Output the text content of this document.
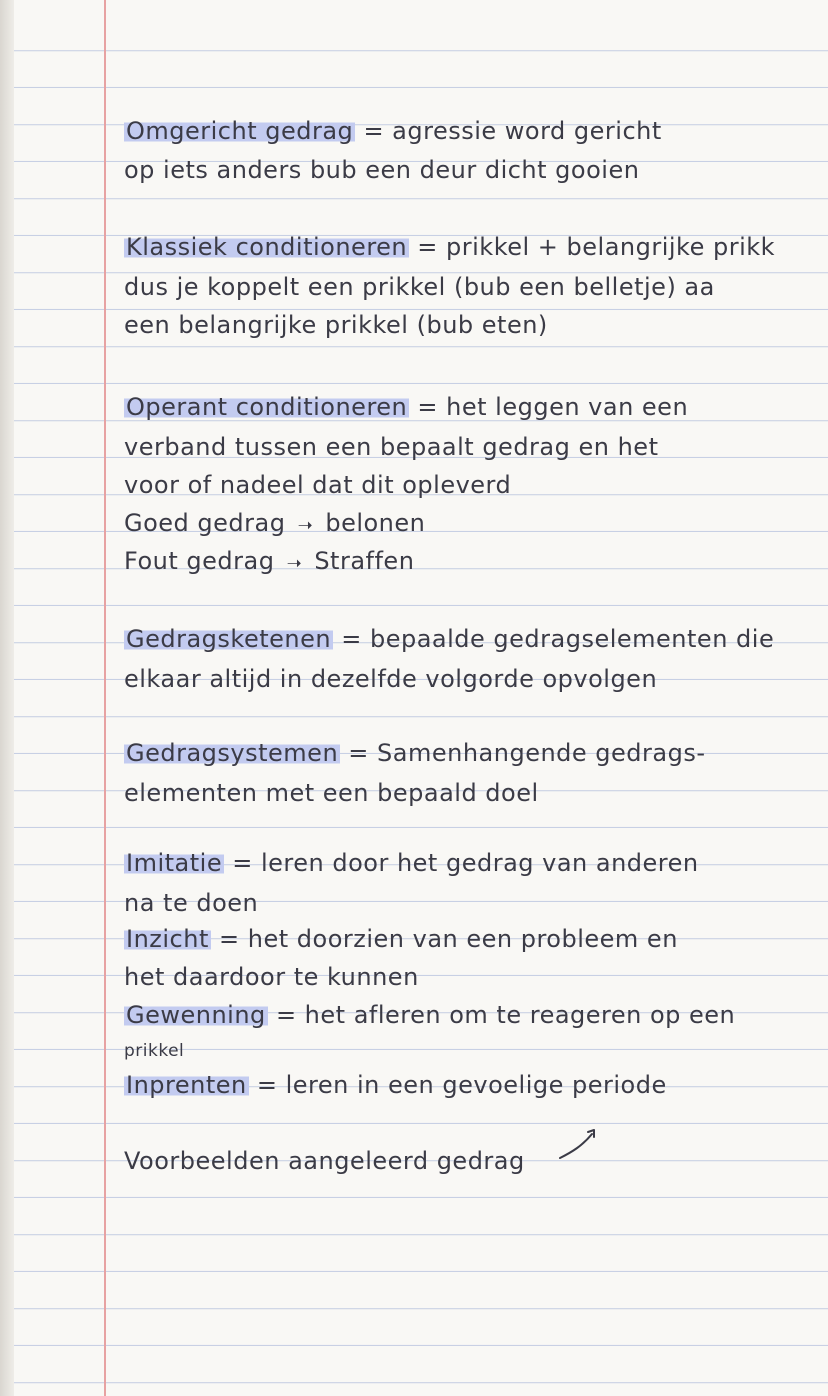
Omgericht gedrag = agressie word gericht
op iets anders bub een deur dicht gooien
Klassiek conditioneren = prikkel + belangrijke prikk
dus je koppelt een prikkel (bub een belletje) aa
een belangrijke prikkel (bub eten)
Operant conditioneren = het leggen van een
verband tussen een bepaalt gedrag en het
voor of nadeel dat dit opleverd
Goed gedrag ➝ belonen
Fout gedrag ➝ Straffen
Gedragsketenen = bepaalde gedragselementen die
elkaar altijd in dezelfde volgorde opvolgen
Gedragsystemen = Samenhangende gedrags-
elementen met een bepaald doel
Imitatie = leren door het gedrag van anderen
na te doen
Inzicht = het doorzien van een probleem en
het daardoor te kunnen
Gewenning = het afleren om te reageren op een
prikkel
Inprenten = leren in een gevoelige periode
Voorbeelden aangeleerd gedrag
